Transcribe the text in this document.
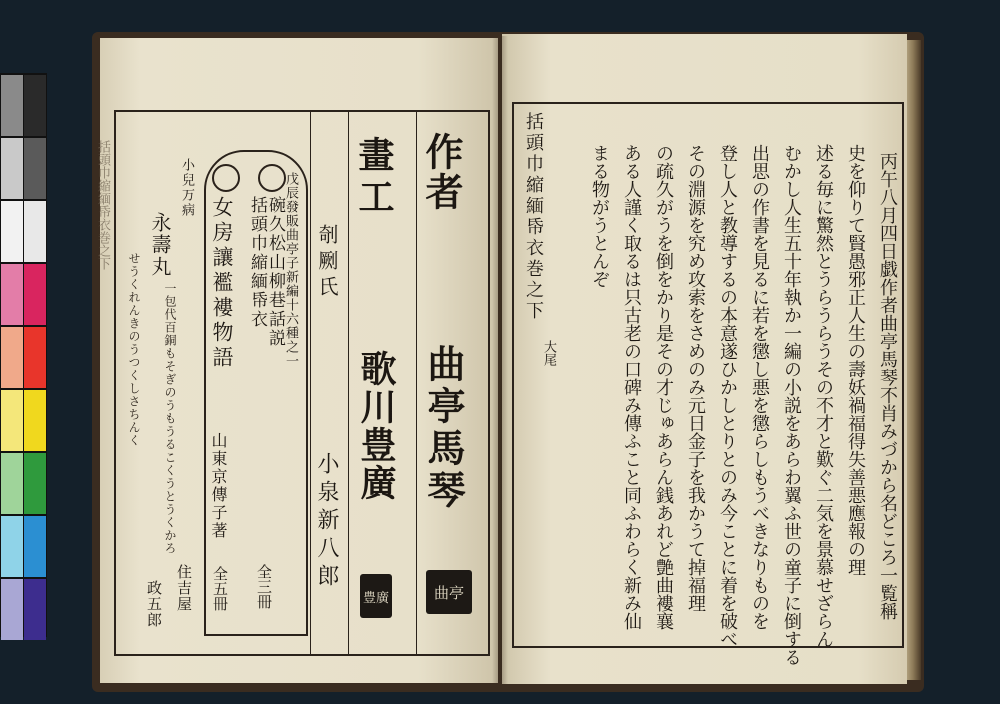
括頭巾縮緬帋衣巻之下	作者
曲亭馬琴
曲亭
畫工
歌川豊廣
豊廣
剞劂氏
小泉新八郎
戊辰發販曲亭子新編十六種之一
碗久松山柳巷話説
括頭巾縮緬帋衣
全三冊
女房讓襤褸物語
山東京傳子著
全五冊
小兒万病
永壽丸
一包代百銅もそぎのうもうるこくうとうくかろ
せうくれんきのうつくしさちんく
住吉屋
政五郎
括頭巾縮緬帋衣巻之下
大尾	丙午八月四日戯作者曲亭馬琴不肖みづから名どころ一覧稱
史を仰りて賢愚邪正人生の壽妖禍福得失善悪應報の理
述る毎に驚然とうらうらうその不才と歎ぐ二気を景慕せざらん
むかし人生五十年執か一編の小説をあらわ翼ふ世の童子に倒する
出思の作書を見るに若を懲し悪を懲らしもうべきなりものを
登し人と教導するの本意遂ひかしとりとのみ今ことに着を破べ
その淵源を究め攻索をさめのみ元日金子を我かうて掉福理
の疏久がうを倒をかり是その才じゅあらん銭あれど艶曲褸襄
ある人謹く取るは只古老の口碑み傳ふこと同ふわらく新み仙
まる物がうとんぞ
